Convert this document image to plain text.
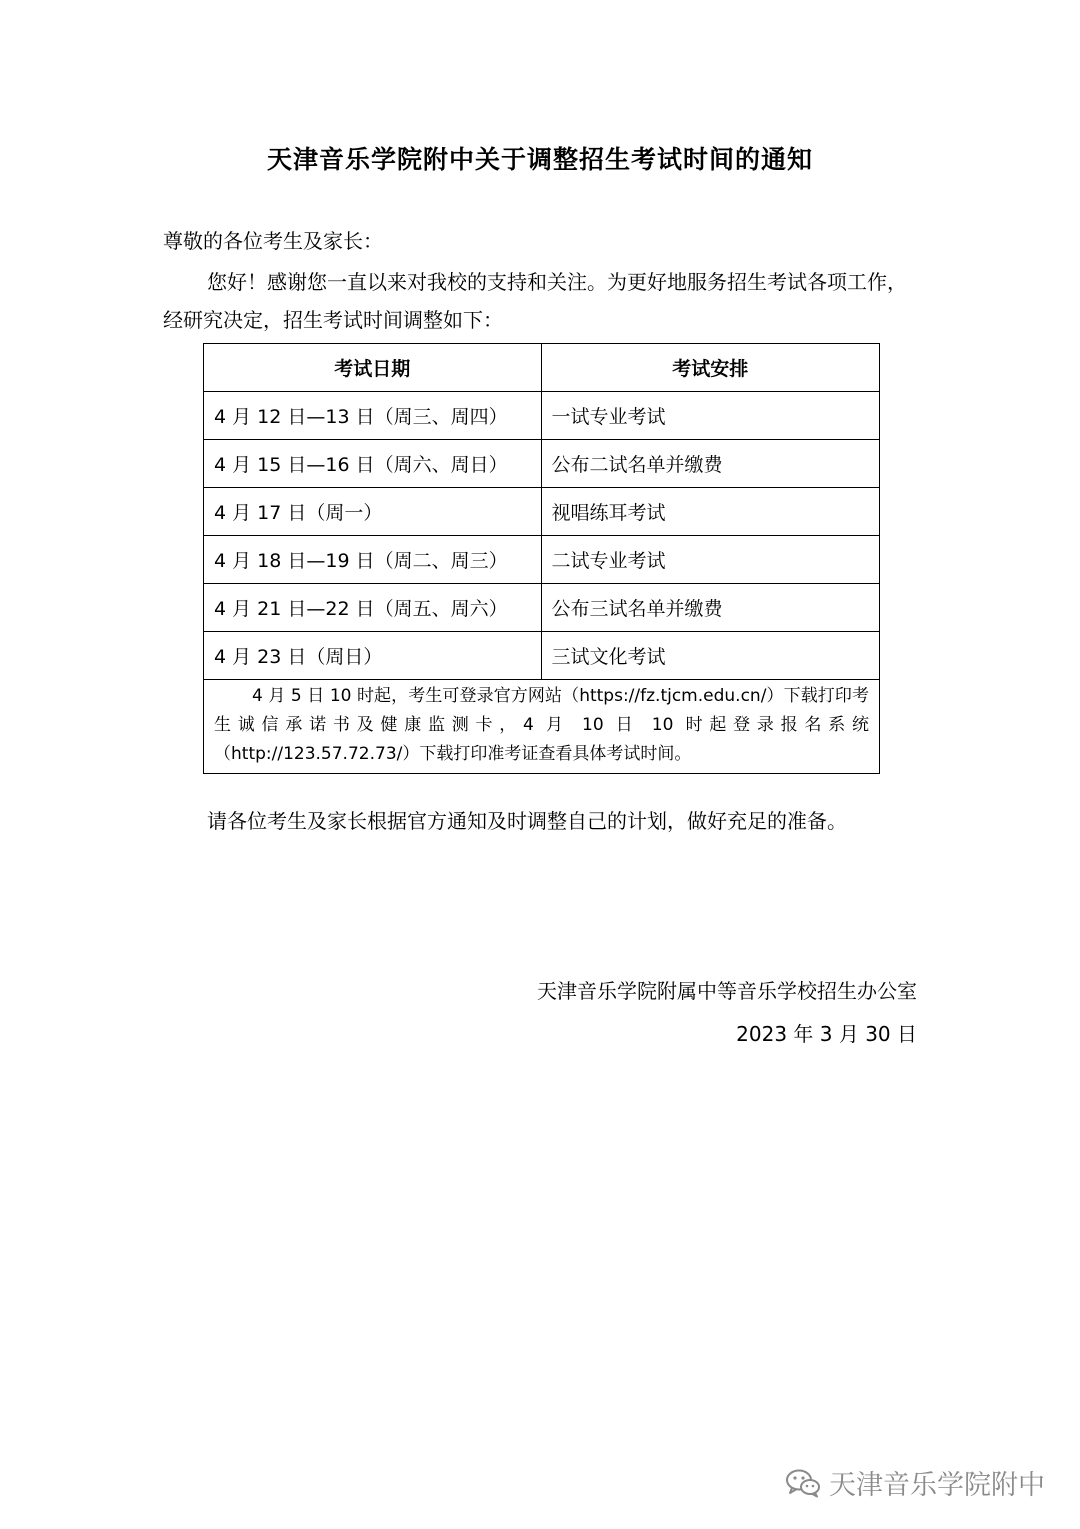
天津音乐学院附中关于调整招生考试时间的通知
尊敬的各位考生及家长：
您好！感谢您一直以来对我校的支持和关注。为更好地服务招生考试各项工作，经研究决定，招生考试时间调整如下：
考试日期	考试安排
4 月 12 日—13 日（周三、周四）	一试专业考试
4 月 15 日—16 日（周六、周日）	公布二试名单并缴费
4 月 17 日（周一）	视唱练耳考试
4 月 18 日—19 日（周二、周三）	二试专业考试
4 月 21 日—22 日（周五、周六）	公布三试名单并缴费
4 月 23 日（周日）	三试文化考试
4 月 5 日 10 时起，考生可登录官方网站（https://fz.tjcm.edu.cn/）下载打印考生诚信承诺书及健康监测卡，4 月 10 日 10 时起登录报名系统（http://123.57.72.73/）下载打印准考证查看具体考试时间。	
请各位考生及家长根据官方通知及时调整自己的计划，做好充足的准备。
天津音乐学院附属中等音乐学校招生办公室
2023 年 3 月 30 日
天津音乐学院附中
